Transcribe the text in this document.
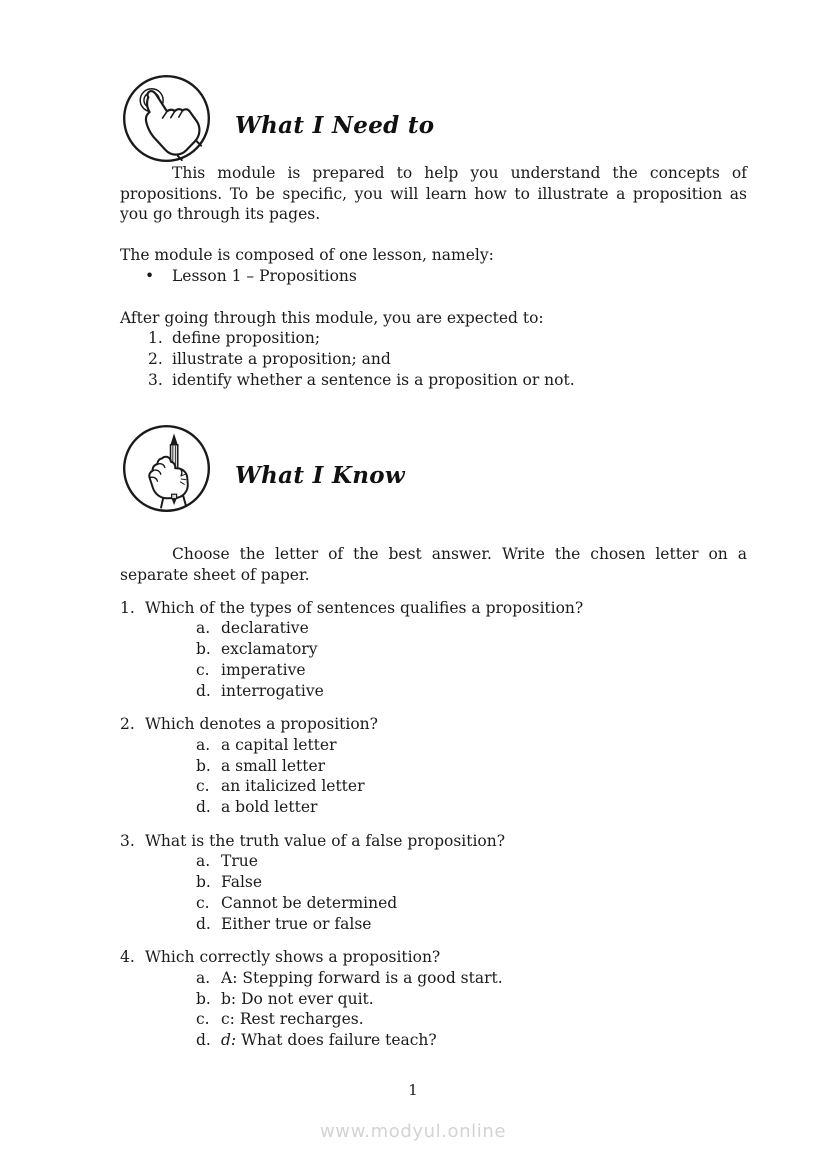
What I Need to

This module is prepared to help you understand the concepts of propositions. To be specific, you will learn how to illustrate a proposition as you go through its pages.

The module is composed of one lesson, namely:

•	Lesson 1 – Propositions

After going through this module, you are expected to:

1. define proposition;
2. illustrate a proposition; and
3. identify whether a sentence is a proposition or not.
What I Know

Choose the letter of the best answer. Write the chosen letter on a separate sheet of paper.

1. Which of the types of sentences qualifies a proposition?
a. declarative
b. exclamatory
c. imperative
d. interrogative
2. Which denotes a proposition?
a. a capital letter
b. a small letter
c. an italicized letter
d. a bold letter
3. What is the truth value of a false proposition?
a. True
b. False
c. Cannot be determined
d. Either true or false
4. Which correctly shows a proposition?
a. A: Stepping forward is a good start.
b. b: Do not ever quit.
c. c: Rest recharges.
d. d: What does failure teach?
1
www.modyul.online
